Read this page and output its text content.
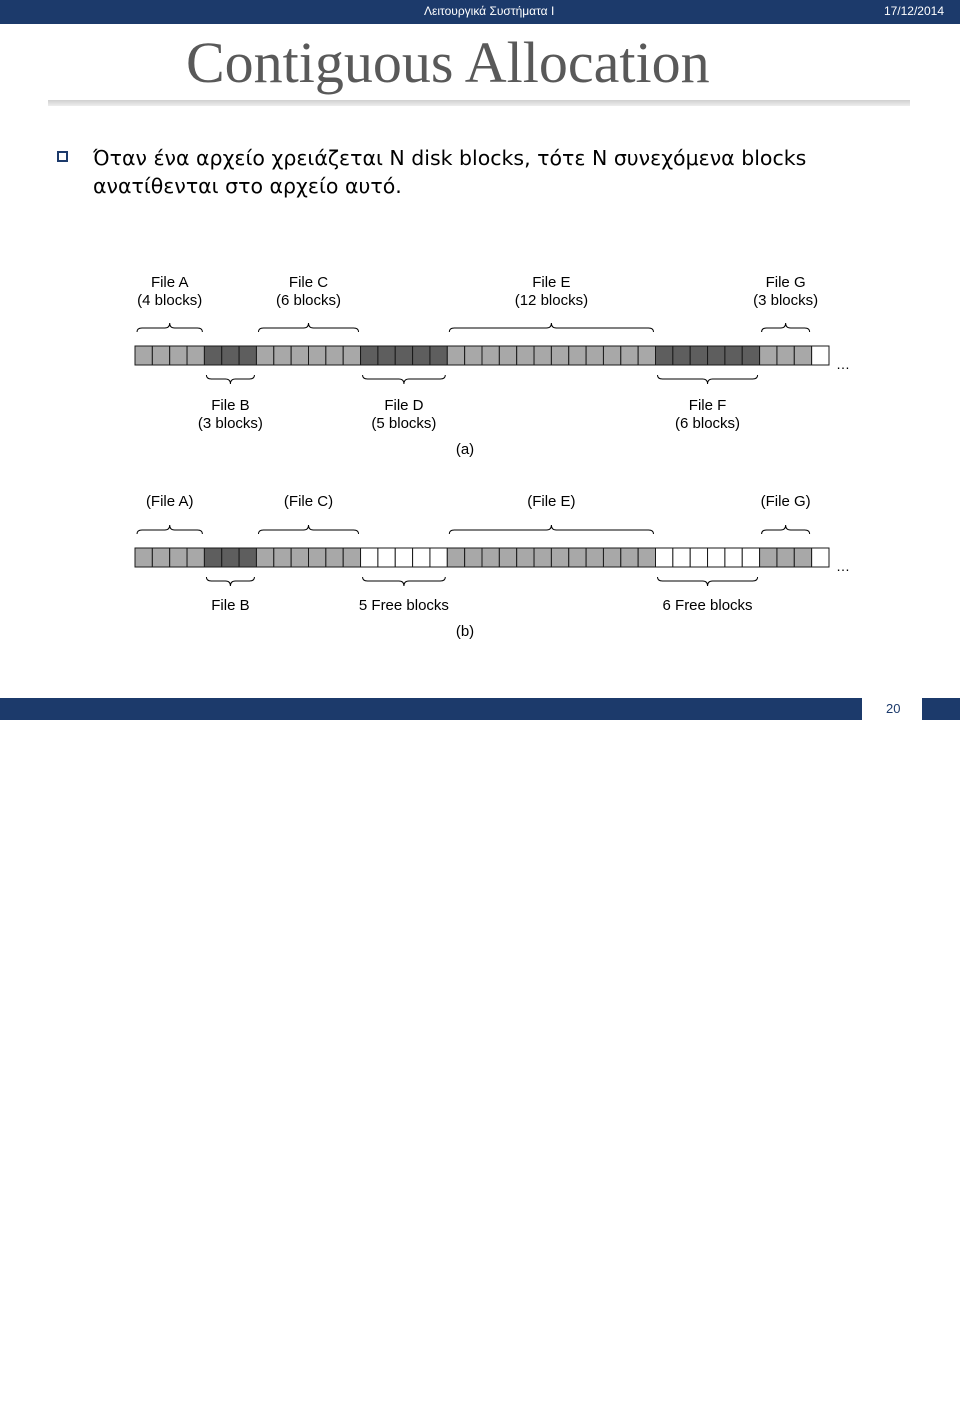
Λειτουργικά Συστήματα Ι	17/12/2014
Contiguous Allocation
Όταν ένα αρχείο χρειάζεται N disk blocks, τότε N συνεχόμενα blocks ανατίθενται στο αρχείο αυτό.
File A
(4 blocks)
File B
(3 blocks)
File C
(6 blocks)
File D
(5 blocks)
File E
(12 blocks)
File F
(6 blocks)
File G
(3 blocks)
…
(a)
(File A)
File B
(File C)
5 Free blocks
(File E)
6 Free blocks
(File G)
…
(b)
Σπύρος Βούλγαρης – Πανεπιστήμιο Πατρών
20
